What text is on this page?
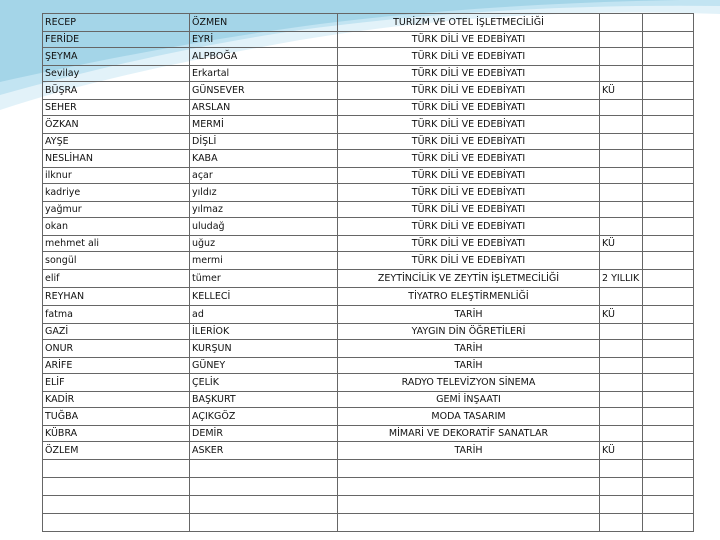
RECEP	ÖZMEN	TURİZM VE OTEL İŞLETMECİLİĞİ		
FERİDE	EYRİ	TÜRK DİLİ VE EDEBİYATI		
ŞEYMA	ALPBOĞA	TÜRK DİLİ VE EDEBİYATI		
Sevilay	Erkartal	TÜRK DİLİ VE EDEBİYATI		
BÜŞRA	GÜNSEVER	TÜRK DİLİ VE EDEBİYATI	KÜ	
SEHER	ARSLAN	TÜRK DİLİ VE EDEBİYATI		
ÖZKAN	MERMİ	TÜRK DİLİ VE EDEBİYATI		
AYŞE	DİŞLİ	TÜRK DİLİ VE EDEBİYATI		
NESLİHAN	KABA	TÜRK DİLİ VE EDEBİYATI		
ilknur	açar	TÜRK DİLİ VE EDEBİYATI		
kadriye	yıldız	TÜRK DİLİ VE EDEBİYATI		
yağmur	yılmaz	TÜRK DİLİ VE EDEBİYATI		
okan	uludağ	TÜRK DİLİ VE EDEBİYATI		
mehmet ali	uğuz	TÜRK DİLİ VE EDEBİYATI	KÜ	
songül	mermi	TÜRK DİLİ VE EDEBİYATI		
elif	tümer	ZEYTİNCİLİK VE ZEYTİN İŞLETMECİLİĞİ	2 YILLIK	
REYHAN	KELLECİ	TİYATRO ELEŞTİRMENLİĞİ		
fatma	ad	TARİH	KÜ	
GAZİ	İLERİOK	YAYGIN DİN ÖĞRETİLERİ		
ONUR	KURŞUN	TARİH		
ARİFE	GÜNEY	TARİH		
ELİF	ÇELİK	RADYO TELEVİZYON SİNEMA		
KADİR	BAŞKURT	GEMİ İNŞAATI		
TUĞBA	AÇIKGÖZ	MODA TASARIM		
KÜBRA	DEMİR	MİMARİ VE DEKORATİF SANATLAR		
ÖZLEM	ASKER	TARİH	KÜ	
